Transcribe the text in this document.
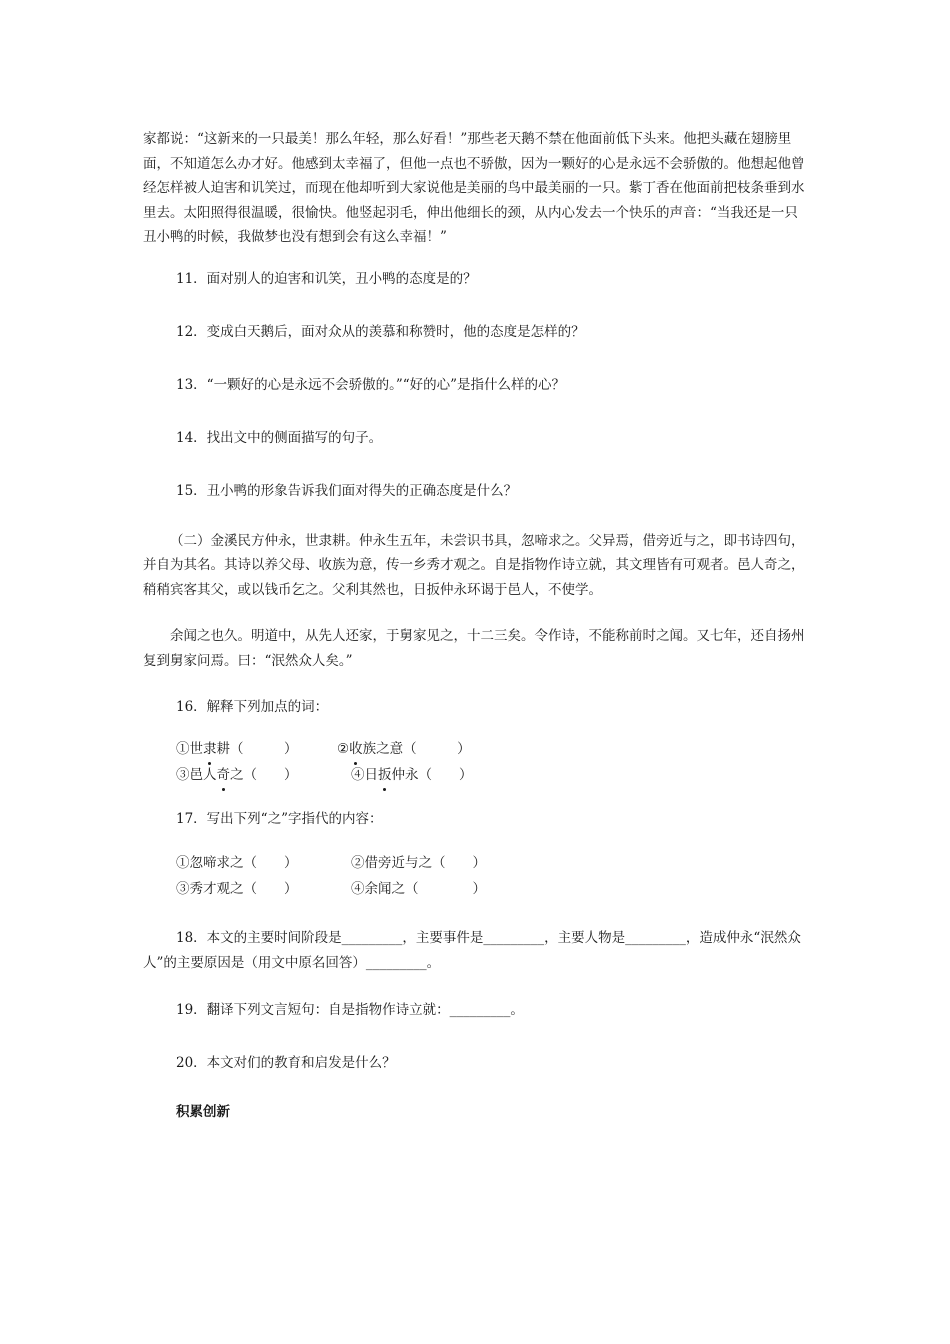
家都说：“这新来的一只最美！那么年轻，那么好看！”那些老天鹅不禁在他面前低下头来。他把头藏在翅膀里面，不知道怎么办才好。他感到太幸福了，但他一点也不骄傲，因为一颗好的心是永远不会骄傲的。他想起他曾经怎样被人迫害和讥笑过，而现在他却听到大家说他是美丽的鸟中最美丽的一只。紫丁香在他面前把枝条垂到水里去。太阳照得很温暖，很愉快。他竖起羽毛，伸出他细长的颈，从内心发去一个快乐的声音：“当我还是一只丑小鸭的时候，我做梦也没有想到会有这么幸福！”

11．面对别人的迫害和讥笑，丑小鸭的态度是的？

12．变成白天鹅后，面对众从的羡慕和称赞时，他的态度是怎样的？

13．“一颗好的心是永远不会骄傲的。”“好的心”是指什么样的心？

14．找出文中的侧面描写的句子。

15．丑小鸭的形象告诉我们面对得失的正确态度是什么？

（二）金溪民方仲永，世隶耕。仲永生五年，未尝识书具，忽啼求之。父异焉，借旁近与之，即书诗四句，并自为其名。其诗以养父母、收族为意，传一乡秀才观之。自是指物作诗立就，其文理皆有可观者。邑人奇之，稍稍宾客其父，或以钱币乞之。父利其然也，日扳仲永环谒于邑人，不使学。

余闻之也久。明道中，从先人还家，于舅家见之，十二三矣。令作诗，不能称前时之闻。又七年，还自扬州复到舅家问焉。曰：“泯然众人矣。”

16．解释下列加点的词：

①世隶耕（　　　）	②收族之意（　　　）
③邑人奇之（　　）	④日扳仲永（　　）

17．写出下列“之”字指代的内容：

①忽啼求之（　　）	②借旁近与之（　　）
③秀才观之（　　）	④余闻之（　　　　）

18．本文的主要时间阶段是_________，主要事件是_________，主要人物是_________，造成仲永“泯然众人”的主要原因是（用文中原名回答）_________。

19．翻译下列文言短句：自是指物作诗立就：_________。

20．本文对们的教育和启发是什么？

积累创新
